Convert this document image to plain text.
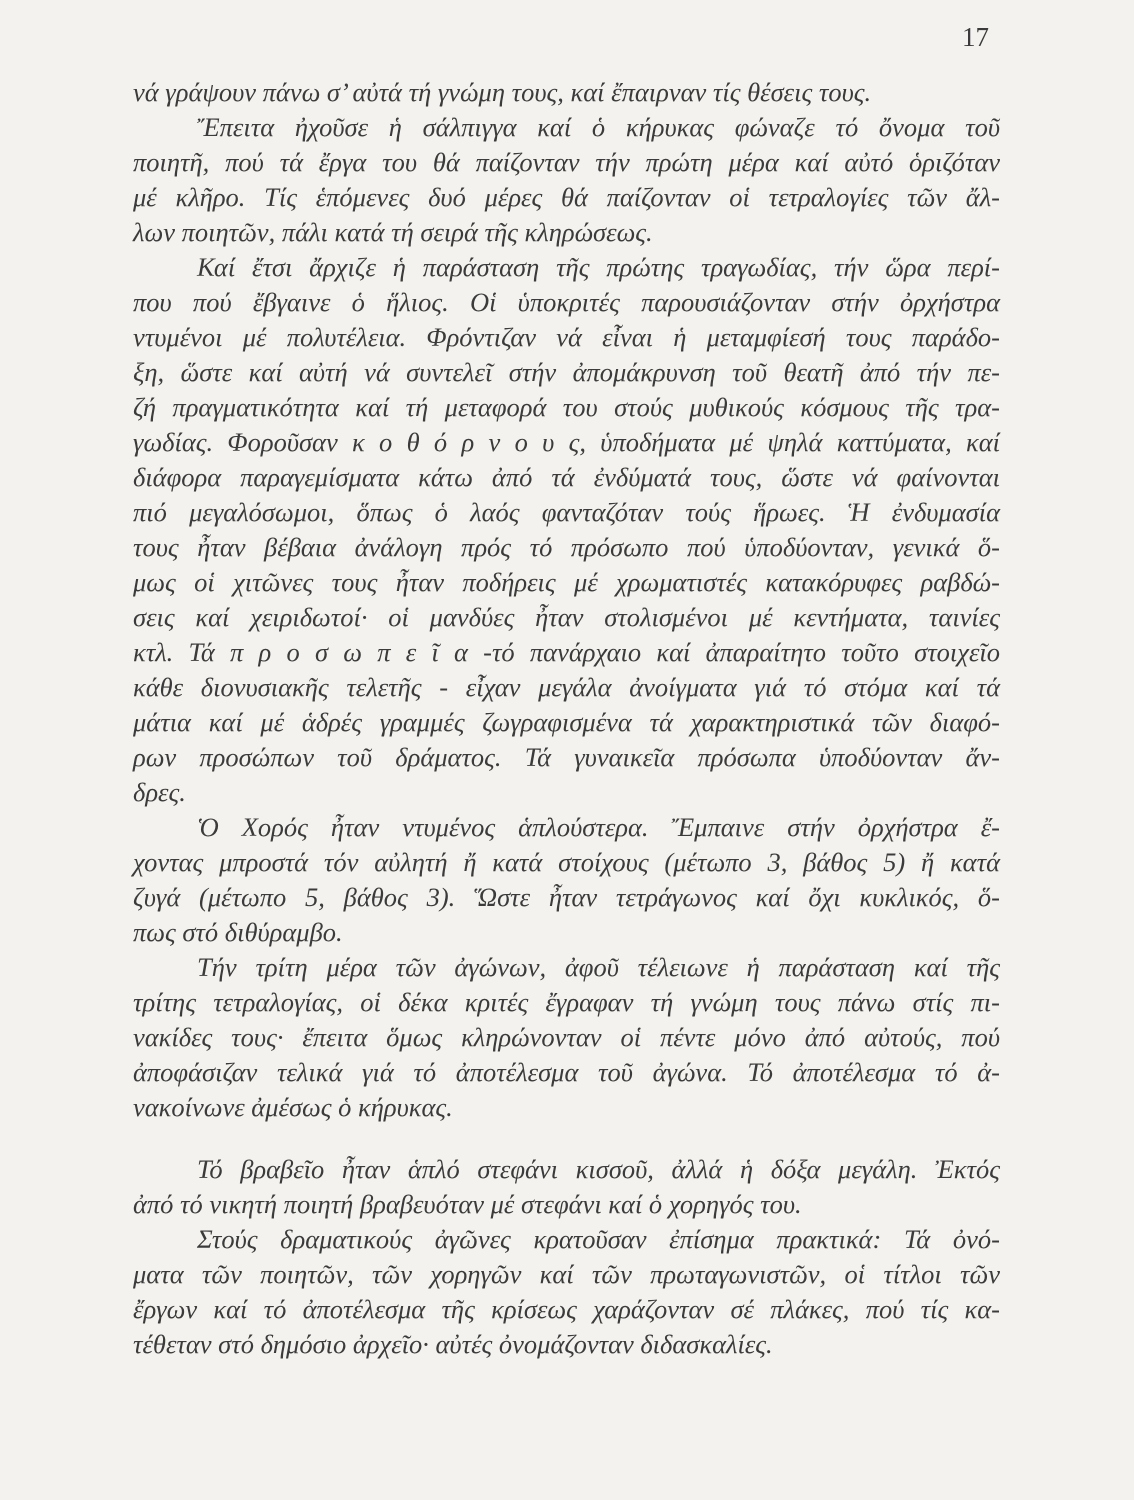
17
νά γράψουν πάνω σ’ αὐτά τή γνώμη τους, καί ἔπαιρναν τίς θέσεις τους.
Ἔπειτα ἠχοῦσε ἡ σάλπιγγα καί ὁ κήρυκας φώναζε τό ὄνομα τοῦ
ποιητῆ, πού τά ἔργα του θά παίζονταν τήν πρώτη μέρα καί αὐτό ὁριζόταν
μέ κλῆρο. Τίς ἑπόμενες δυό μέρες θά παίζονταν οἱ τετραλογίες τῶν ἄλ-
λων ποιητῶν, πάλι κατά τή σειρά τῆς κληρώσεως.
Καί ἔτσι ἄρχιζε ἡ παράσταση τῆς πρώτης τραγωδίας, τήν ὥρα περί-
που πού ἔβγαινε ὁ ἥλιος. Οἱ ὑποκριτές παρουσιάζονταν στήν ὀρχήστρα
ντυμένοι μέ πολυτέλεια. Φρόντιζαν νά εἶναι ἡ μεταμφίεσή τους παράδο-
ξη, ὥστε καί αὐτή νά συντελεῖ στήν ἀπομάκρυνση τοῦ θεατῆ ἀπό τήν πε-
ζή πραγματικότητα καί τή μεταφορά του στούς μυθικούς κόσμους τῆς τρα-
γωδίας. Φοροῦσαν κ ο θ ό ρ ν ο υ ς, ὑποδήματα μέ ψηλά καττύματα, καί
διάφορα παραγεμίσματα κάτω ἀπό τά ἐνδύματά τους, ὥστε νά φαίνονται
πιό μεγαλόσωμοι, ὅπως ὁ λαός φανταζόταν τούς ἥρωες. Ἡ ἐνδυμασία
τους ἦταν βέβαια ἀνάλογη πρός τό πρόσωπο πού ὑποδύονταν, γενικά ὅ-
μως οἱ χιτῶνες τους ἦταν ποδήρεις μέ χρωματιστές κατακόρυφες ραβδώ-
σεις καί χειριδωτοί· οἱ μανδύες ἦταν στολισμένοι μέ κεντήματα, ταινίες
κτλ. Τά π ρ ο σ ω π ε ῖ α -τό πανάρχαιο καί ἀπαραίτητο τοῦτο στοιχεῖο
κάθε διονυσιακῆς τελετῆς - εἶχαν μεγάλα ἀνοίγματα γιά τό στόμα καί τά
μάτια καί μέ ἁδρές γραμμές ζωγραφισμένα τά χαρακτηριστικά τῶν διαφό-
ρων προσώπων τοῦ δράματος. Τά γυναικεῖα πρόσωπα ὑποδύονταν ἄν-
δρες.
Ὁ Χορός ἦταν ντυμένος ἁπλούστερα. Ἔμπαινε στήν ὀρχήστρα ἔ-
χοντας μπροστά τόν αὐλητή ἤ κατά στοίχους (μέτωπο 3, βάθος 5) ἤ κατά
ζυγά (μέτωπο 5, βάθος 3). Ὥστε ἦταν τετράγωνος καί ὄχι κυκλικός, ὅ-
πως στό διθύραμβο.
Τήν τρίτη μέρα τῶν ἀγώνων, ἀφοῦ τέλειωνε ἡ παράσταση καί τῆς
τρίτης τετραλογίας, οἱ δέκα κριτές ἔγραφαν τή γνώμη τους πάνω στίς πι-
νακίδες τους· ἔπειτα ὅμως κληρώνονταν οἱ πέντε μόνο ἀπό αὐτούς, πού
ἀποφάσιζαν τελικά γιά τό ἀποτέλεσμα τοῦ ἀγώνα. Τό ἀποτέλεσμα τό ἀ-
νακοίνωνε ἀμέσως ὁ κήρυκας.
Τό βραβεῖο ἦταν ἁπλό στεφάνι κισσοῦ, ἀλλά ἡ δόξα μεγάλη. Ἐκτός
ἀπό τό νικητή ποιητή βραβευόταν μέ στεφάνι καί ὁ χορηγός του.
Στούς δραματικούς ἀγῶνες κρατοῦσαν ἐπίσημα πρακτικά: Τά ὀνό-
ματα τῶν ποιητῶν, τῶν χορηγῶν καί τῶν πρωταγωνιστῶν, οἱ τίτλοι τῶν
ἔργων καί τό ἀποτέλεσμα τῆς κρίσεως χαράζονταν σέ πλάκες, πού τίς κα-
τέθεταν στό δημόσιο ἀρχεῖο· αὐτές ὀνομάζονταν διδασκαλίες.
